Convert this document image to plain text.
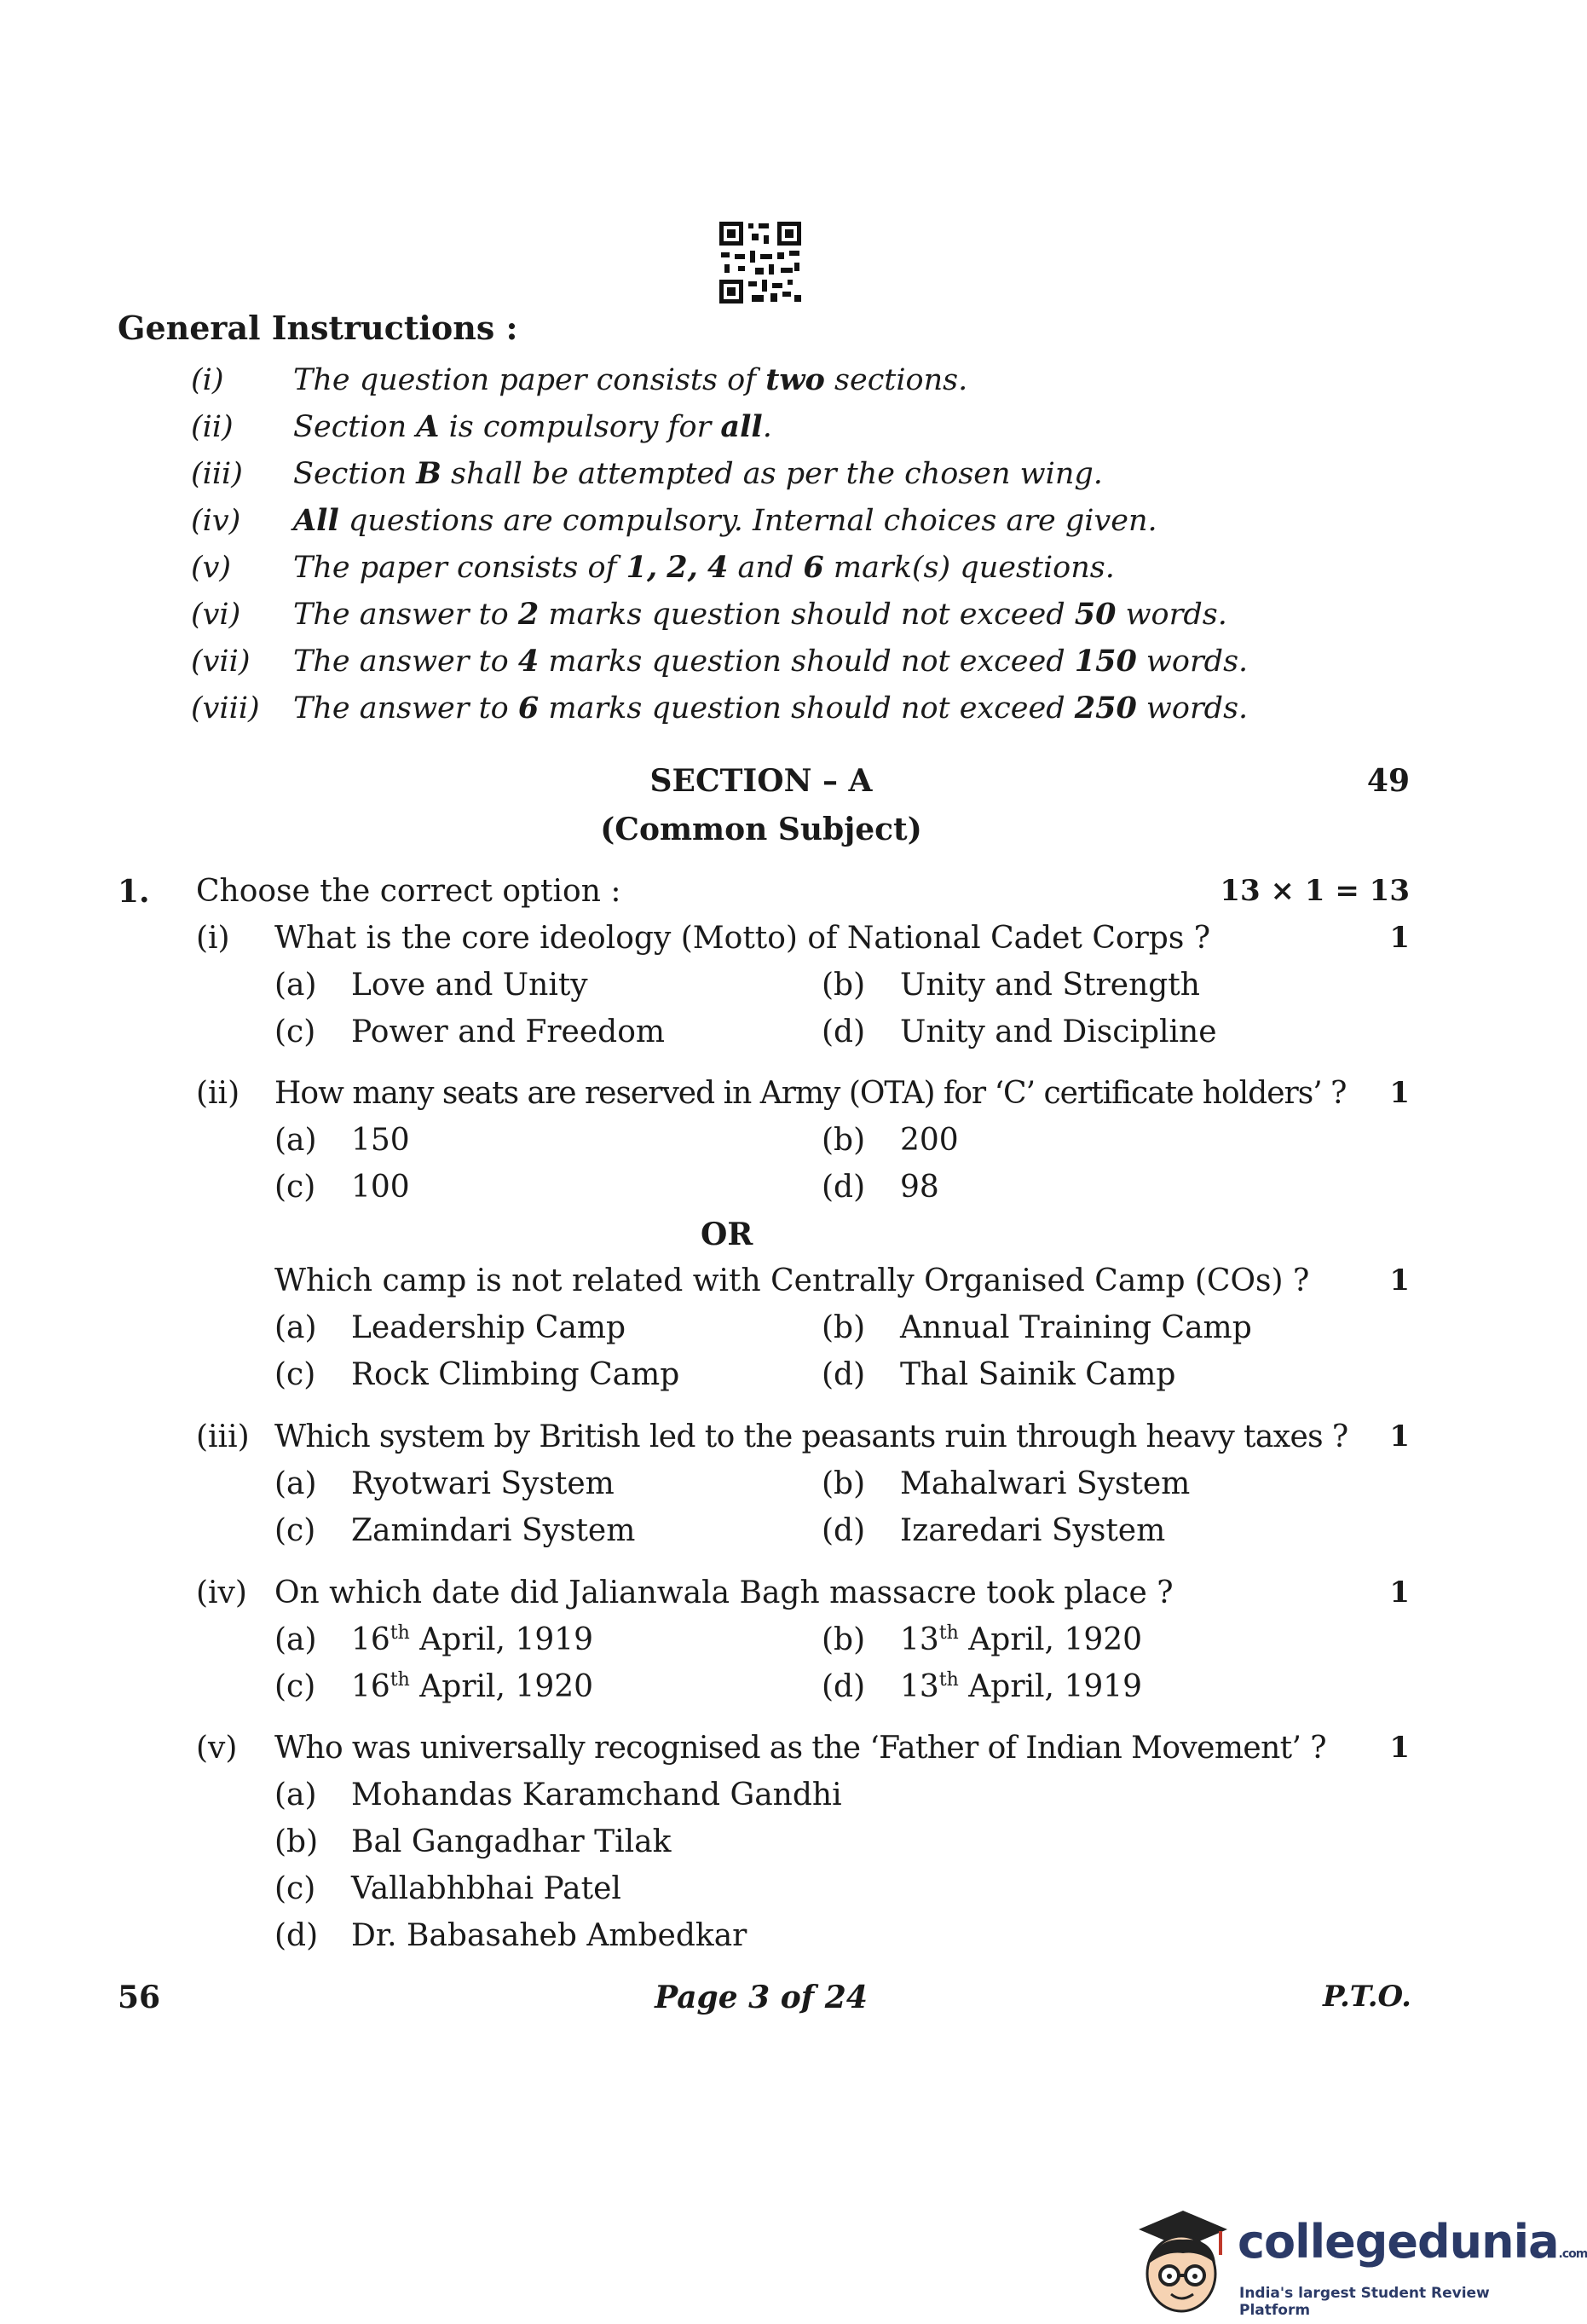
General Instructions :
(i)	The question paper consists of two sections.
(ii)	Section A is compulsory for all.
(iii)	Section B shall be attempted as per the chosen wing.
(iv)	All questions are compulsory. Internal choices are given.
(v)	The paper consists of 1, 2, 4 and 6 mark(s) questions.
(vi)	The answer to 2 marks question should not exceed 50 words.
(vii)	The answer to 4 marks question should not exceed 150 words.
(viii)	The answer to 6 marks question should not exceed 250 words.
SECTION – A	49
(Common Subject)
1. Choose the correct option :	13 × 1 = 13
(i) What is the core ideology (Motto) of National Cadet Corps ?	1
(a) Love and Unity	(b) Unity and Strength
(c) Power and Freedom	(d) Unity and Discipline
(ii) How many seats are reserved in Army (OTA) for ‘C’ certificate holders’ ? 1
(a) 150	(b) 200
(c) 100	(d) 98
OR
Which camp is not related with Centrally Organised Camp (COs) ?	1
(a) Leadership Camp	(b) Annual Training Camp
(c) Rock Climbing Camp	(d) Thal Sainik Camp
(iii) Which system by British led to the peasants ruin through heavy taxes ? 1
(a) Ryotwari System	(b) Mahalwari System
(c) Zamindari System	(d) Izaredari System
(iv) On which date did Jalianwala Bagh massacre took place ?	1
(a) 16th April, 1919	(b) 13th April, 1920
(c) 16th April, 1920	(d) 13th April, 1919
(v) Who was universally recognised as the ‘Father of Indian Movement’ ? 1
(a) Mohandas Karamchand Gandhi
(b) Bal Gangadhar Tilak
(c) Vallabhbhai Patel
(d) Dr. Babasaheb Ambedkar
56	Page 3 of 24	P.T.O.
collegedunia.com
India's largest Student Review Platform
